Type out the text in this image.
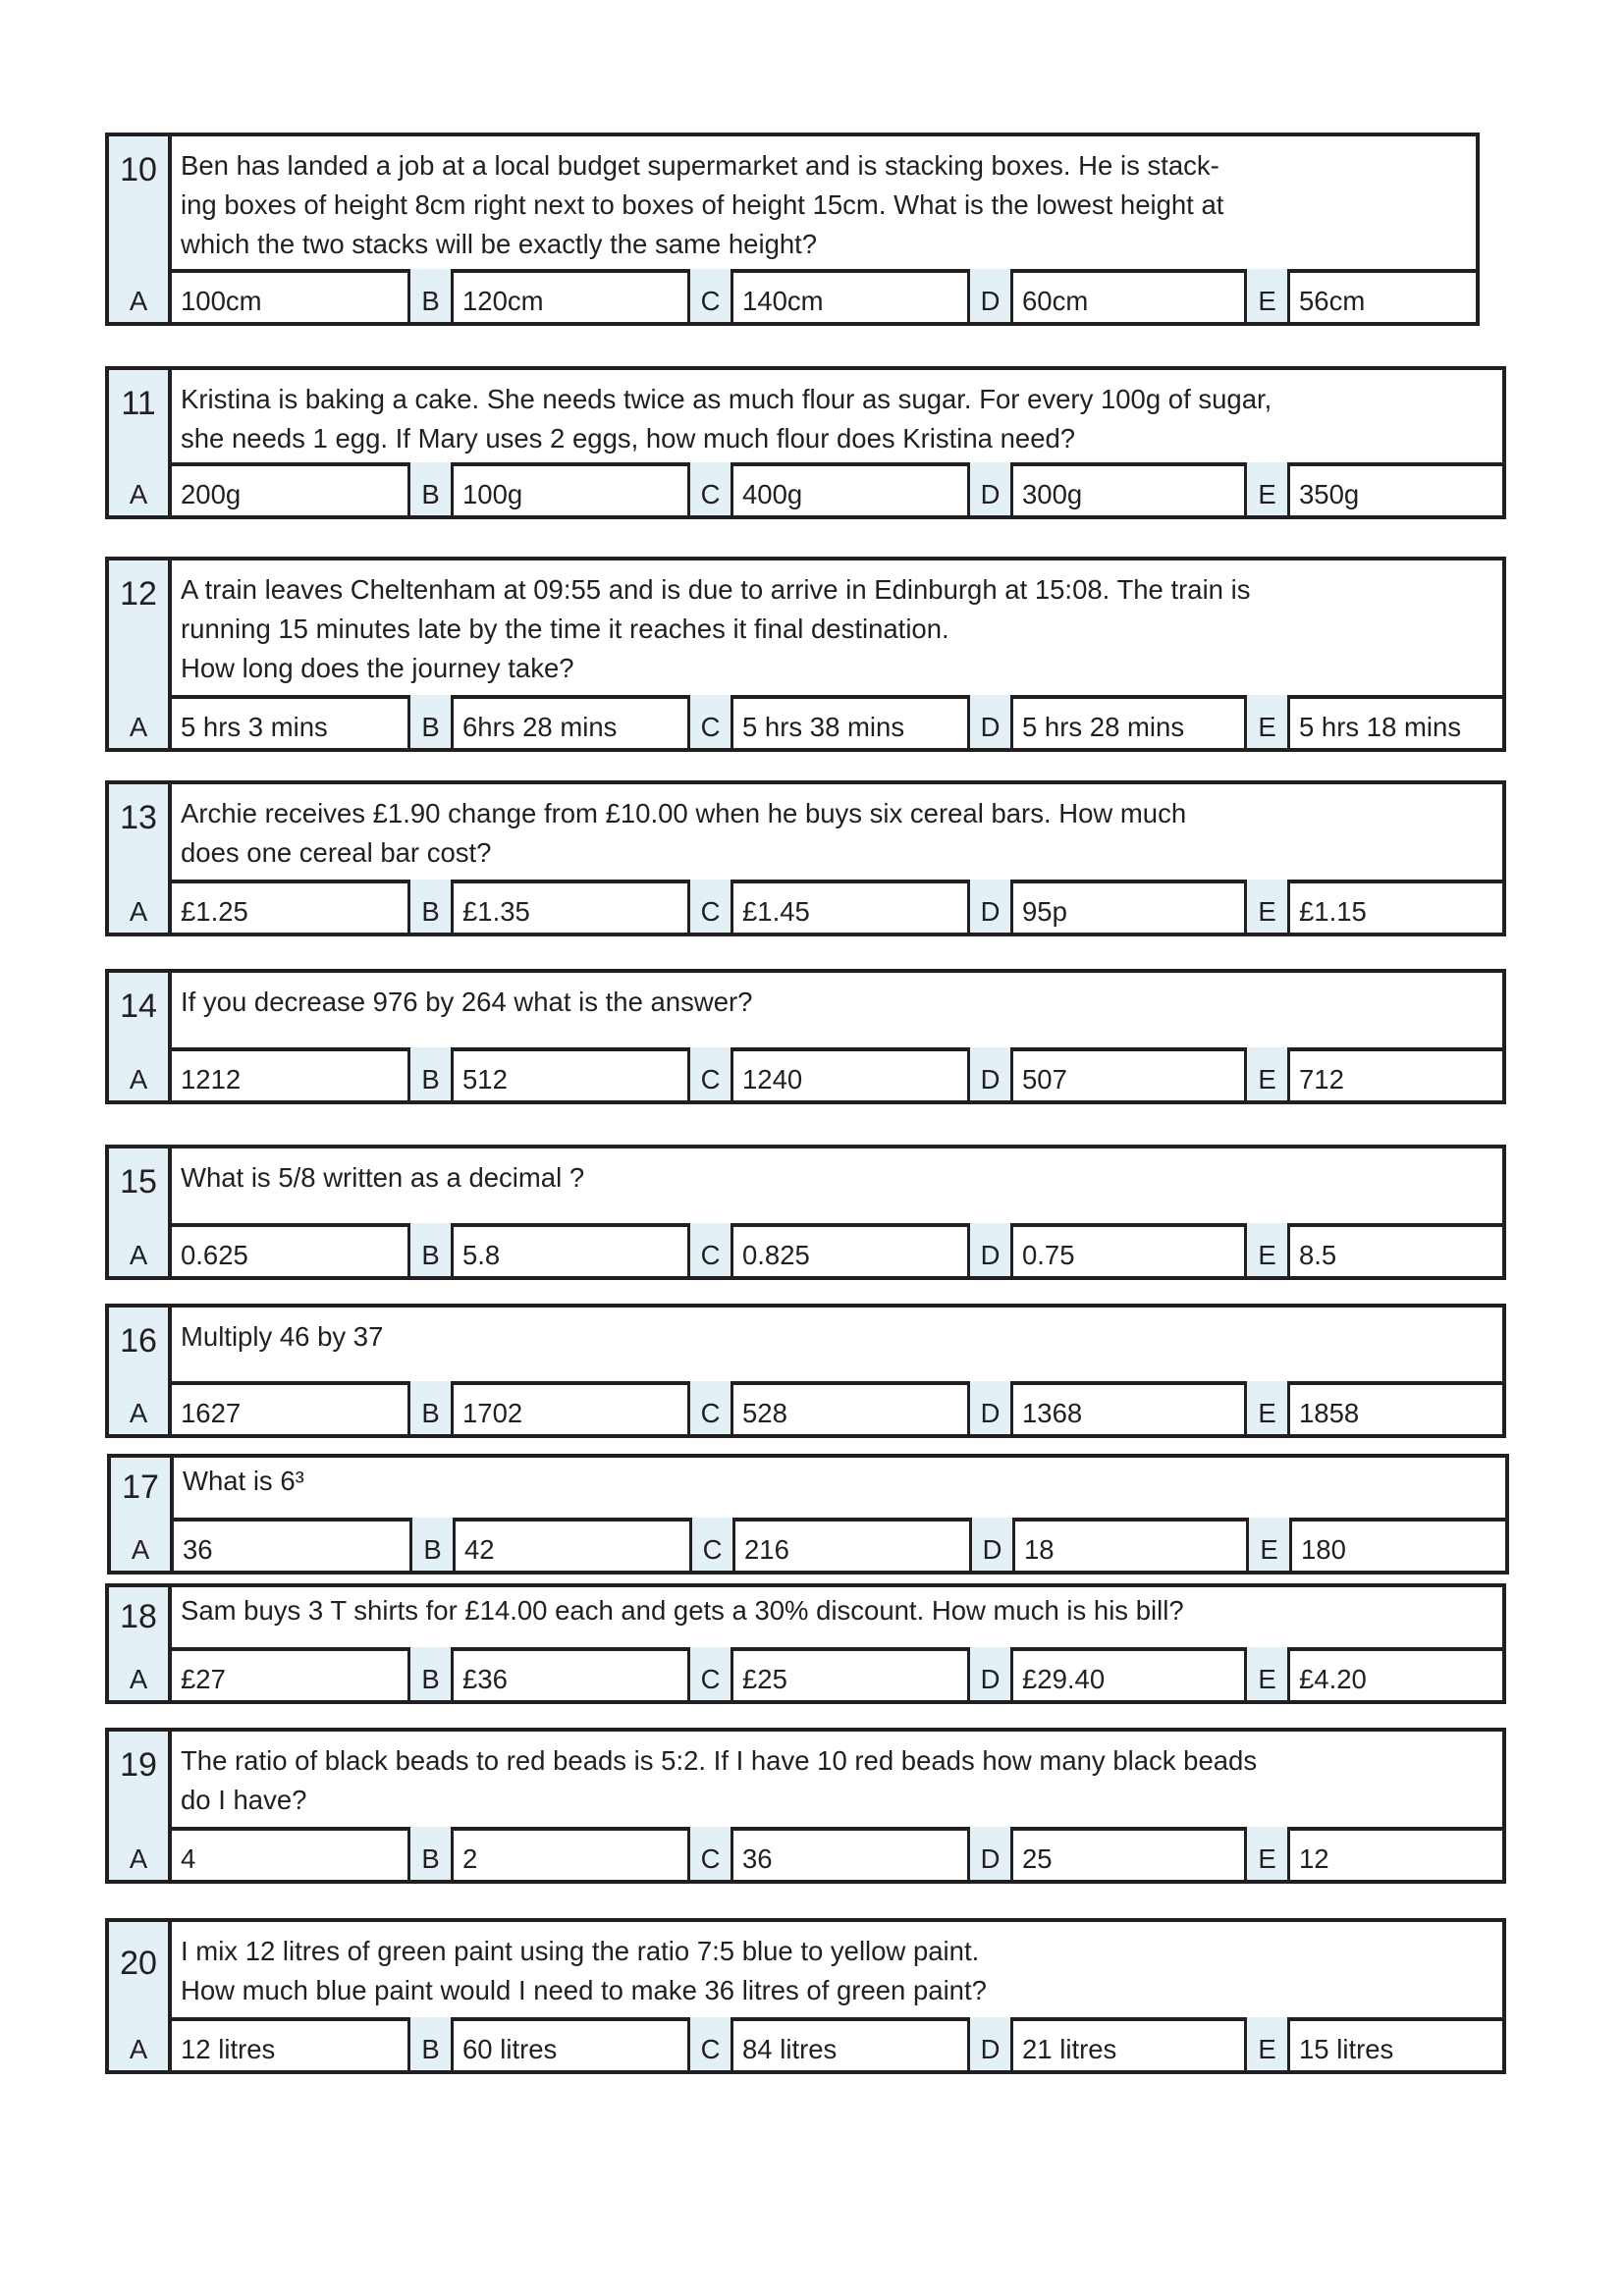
10 Ben has landed a job at a local budget supermarket and is stacking boxes. He is stack-
ing boxes of height 8cm right next to boxes of height 15cm. What is the lowest height at
which the two stacks will be exactly the same height?
A	100cm	B 120cm	C 140cm	D 60cm	E 56cm
11 Kristina is baking a cake. She needs twice as much flour as sugar. For every 100g of sugar,
she needs 1 egg. If Mary uses 2 eggs, how much flour does Kristina need?
A	200g	B 100g	C 400g	D 300g	E 350g
12 A train leaves Cheltenham at 09:55 and is due to arrive in Edinburgh at 15:08. The train is
running 15 minutes late by the time it reaches it final destination.
How long does the journey take?
A	5 hrs 3 mins	B 6hrs 28 mins	C 5 hrs 38 mins	D 5 hrs 28 mins	E 5 hrs 18 mins
13 Archie receives £1.90 change from £10.00 when he buys six cereal bars. How much
does one cereal bar cost?
A	£1.25	B £1.35	C £1.45	D 95p	E £1.15
14 If you decrease 976 by 264 what is the answer?
A	1212	B 512	C 1240	D 507	E 712
15 What is 5/8 written as a decimal ?
A	0.625	B 5.8	C 0.825	D 0.75	E 8.5
16 Multiply 46 by 37
A	1627	B 1702	C 528	D 1368	E 1858
17 What is 6³
A	36	B 42	C 216	D 18	E 180
18 Sam buys 3 T shirts for £14.00 each and gets a 30% discount. How much is his bill?
A	£27	B £36	C £25	D £29.40	E £4.20
19 The ratio of black beads to red beads is 5:2. If I have 10 red beads how many black beads
do I have?
A	4	B 2	C 36	D 25	E 12
20 I mix 12 litres of green paint using the ratio 7:5 blue to yellow paint.
How much blue paint would I need to make 36 litres of green paint?
A	12 litres	B 60 litres	C 84 litres	D 21 litres	E 15 litres
